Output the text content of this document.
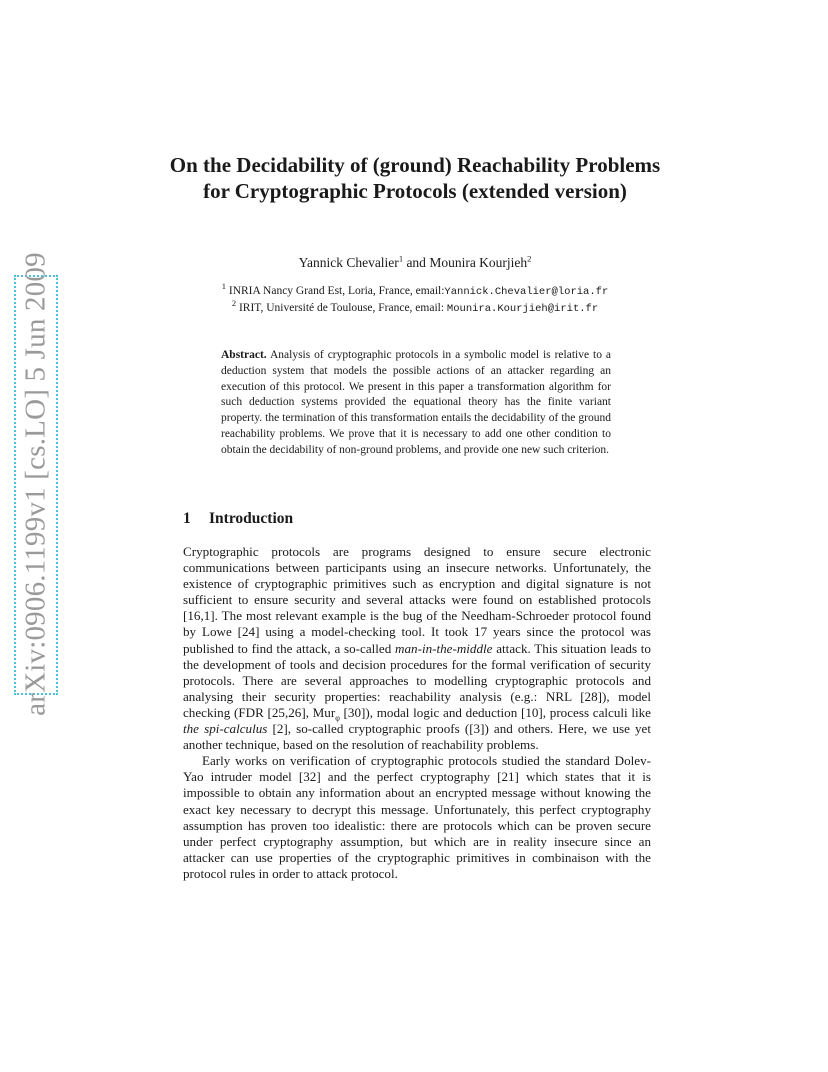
arXiv:0906.1199v1 [cs.LO] 5 Jun 2009
On the Decidability of (ground) Reachability Problems for Cryptographic Protocols (extended version)
Yannick Chevalier$^1$ and Mounira Kourjieh$^2$
$^1$ INRIA Nancy Grand Est, Loria, France, email:Yannick.Chevalier@loria.fr
$^2$ IRIT, Université de Toulouse, France, email: Mounira.Kourjieh@irit.fr
Abstract. Analysis of cryptographic protocols in a symbolic model is relative to a deduction system that models the possible actions of an attacker regarding an execution of this protocol. We present in this paper a transformation algorithm for such deduction systems provided the equational theory has the finite variant property. the termination of this transformation entails the decidability of the ground reachability problems. We prove that it is necessary to add one other condition to obtain the decidability of non-ground problems, and provide one new such criterion.
1 Introduction

Cryptographic protocols are programs designed to ensure secure electronic communications between participants using an insecure networks. Unfortunately, the existence of cryptographic primitives such as encryption and digital signature is not sufficient to ensure security and several attacks were found on established protocols [16,1]. The most relevant example is the bug of the Needham-Schroeder protocol found by Lowe [24] using a model-checking tool. It took 17 years since the protocol was published to find the attack, a so-called man-in-the-middle attack. This situation leads to the development of tools and decision procedures for the formal verification of security protocols. There are several approaches to modelling cryptographic protocols and analysing their security properties: reachability analysis (e.g.: NRL [28]), model checking (FDR [25,26], Mur$_\varphi$ [30]), modal logic and deduction [10], process calculi like the spi-calculus [2], so-called cryptographic proofs ([3]) and others. Here, we use yet another technique, based on the resolution of reachability problems.

Early works on verification of cryptographic protocols studied the standard Dolev-Yao intruder model [32] and the perfect cryptography [21] which states that it is impossible to obtain any information about an encrypted message without knowing the exact key necessary to decrypt this message. Unfortunately, this perfect cryptography assumption has proven too idealistic: there are protocols which can be proven secure under perfect cryptography assumption, but which are in reality insecure since an attacker can use properties of the cryptographic primitives in combinaison with the protocol rules in order to attack protocol.
